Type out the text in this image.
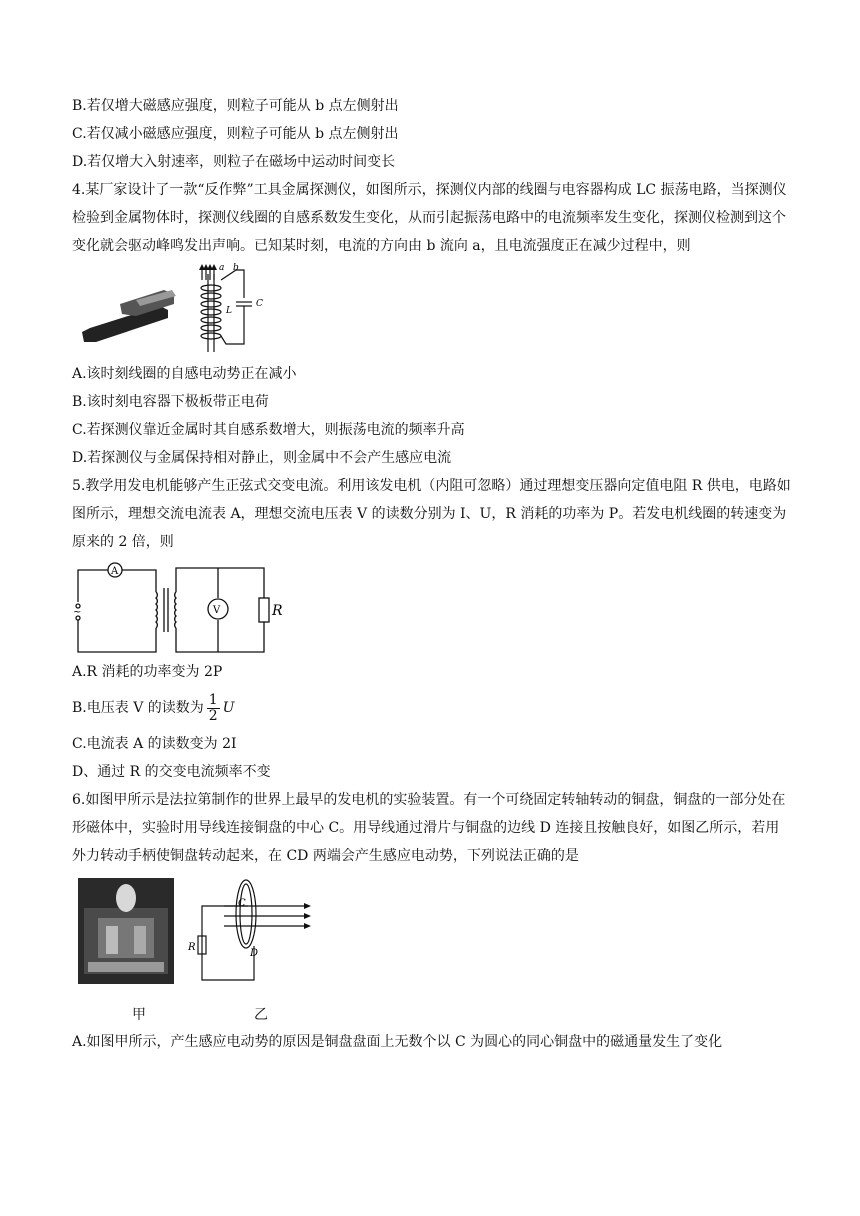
B.若仅增大磁感应强度，则粒子可能从 b 点左侧射出
C.若仅减小磁感应强度，则粒子可能从 b 点左侧射出
D.若仅增大入射速率，则粒子在磁场中运动时间变长
4.某厂家设计了一款“反作弊”工具金属探测仪，如图所示，探测仪内部的线圈与电容器构成 LC 振荡电路，当探测仪检验到金属物体时，探测仪线圈的自感系数发生变化，从而引起振荡电路中的电流频率发生变化，探测仪检测到这个变化就会驱动峰鸣发出声响。已知某时刻，电流的方向由 b 流向 a，且电流强度正在减少过程中，则
a b
L
C
A.该时刻线圈的自感电动势正在减小
B.该时刻电容器下极板带正电荷
C.若探测仪靠近金属时其自感系数增大，则振荡电流的频率升高
D.若探测仪与金属保持相对静止，则金属中不会产生感应电流
5.教学用发电机能够产生正弦式交变电流。利用该发电机（内阻可忽略）通过理想变压器向定值电阻 R 供电，电路如图所示，理想交流电流表 A，理想交流电压表 V 的读数分别为 I、U，R 消耗的功率为 P。若发电机线圈的转速变为原来的 2 倍，则
A
V	R
~
A.R 消耗的功率变为 2P
B.电压表 V 的读数为 $\frac{1}{2}$ U
C.电流表 A 的读数变为 2I
D、通过 R 的交变电流频率不变
6.如图甲所示是法拉第制作的世界上最早的发电机的实验装置。有一个可绕固定转轴转动的铜盘，铜盘的一部分处在形磁体中，实验时用导线连接铜盘的中心 C。用导线通过滑片与铜盘的边线 D 连接且按触良好，如图乙所示，若用外力转动手柄使铜盘转动起来，在 CD 两端会产生感应电动势，下列说法正确的是
C
D
R
甲	乙
A.如图甲所示，产生感应电动势的原因是铜盘盘面上无数个以 C 为圆心的同心铜盘中的磁通量发生了变化
